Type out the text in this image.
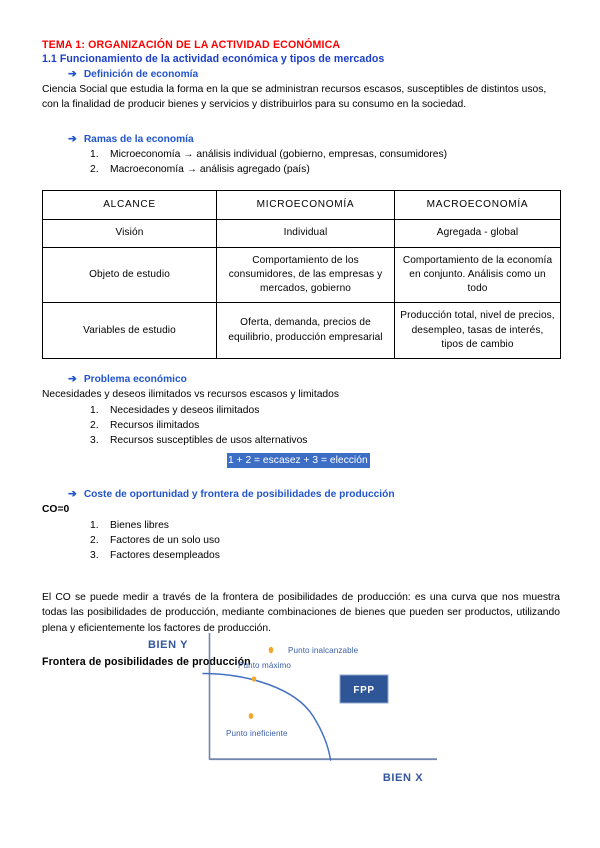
TEMA 1: ORGANIZACIÓN DE LA ACTIVIDAD ECONÓMICA

1.1 Funcionamiento de la actividad económica y tipos de mercados

➔ Definición de economía

Ciencia Social que estudia la forma en la que se administran recursos escasos, susceptibles de distintos usos, con la finalidad de producir bienes y servicios y distribuirlos para su consumo en la sociedad.

➔ Ramas de la economía
Microeconomía → análisis individual (gobierno, empresas, consumidores)
Macroeconomía → análisis agregado (país)
ALCANCE	MICROECONOMÍA	MACROECONOMÍA
Visión	Individual	Agregada - global
Objeto de estudio	Comportamiento de los consumidores, de las empresas y mercados, gobierno	Comportamiento de la economía en conjunto. Análisis como un todo
Variables de estudio	Oferta, demanda, precios de equilibrio, producción empresarial	Producción total, nivel de precios, desempleo, tasas de interés, tipos de cambio
➔ Problema económico

Necesidades y deseos ilimitados vs recursos escasos y limitados

Necesidades y deseos ilimitados
Recursos ilimitados
Recursos susceptibles de usos alternativos
1 + 2 = escasez + 3 = elección
➔ Coste de oportunidad y frontera de posibilidades de producción

CO=0

Bienes libres
Factores de un solo uso
Factores desempleados

El CO se puede medir a través de la frontera de posibilidades de producción: es una curva que nos muestra todas las posibilidades de producción, mediante combinaciones de bienes que pueden ser productos, utilizando plena y eficientemente los factores de producción.

Frontera de posibilidades de producción

BIEN Y
BIEN X
Punto inalcanzable
Punto máximo
Punto ineficiente
FPP
